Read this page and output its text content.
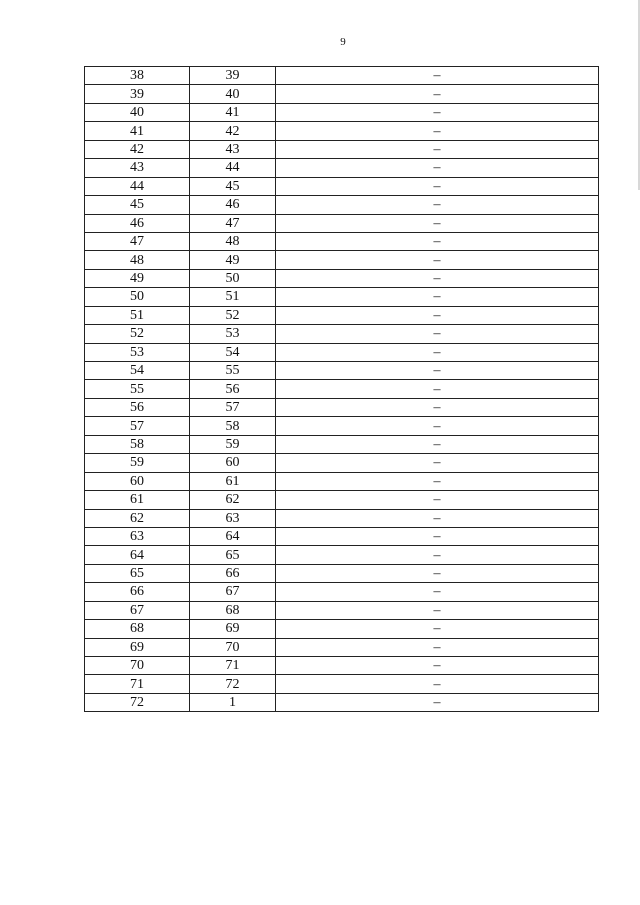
9
38	39	–
39	40	–
40	41	–
41	42	–
42	43	–
43	44	–
44	45	–
45	46	–
46	47	–
47	48	–
48	49	–
49	50	–
50	51	–
51	52	–
52	53	–
53	54	–
54	55	–
55	56	–
56	57	–
57	58	–
58	59	–
59	60	–
60	61	–
61	62	–
62	63	–
63	64	–
64	65	–
65	66	–
66	67	–
67	68	–
68	69	–
69	70	–
70	71	–
71	72	–
72	1	–
